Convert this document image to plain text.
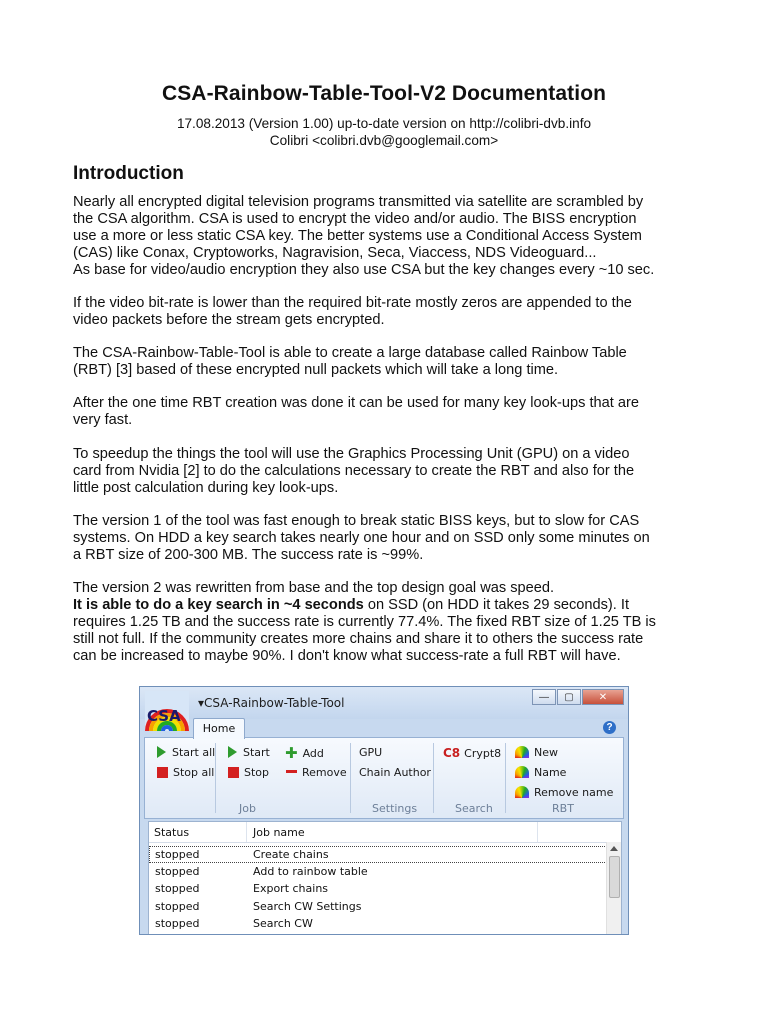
CSA-Rainbow-Table-Tool-V2 Documentation
17.08.2013 (Version 1.00) up-to-date version on http://colibri-dvb.info
Colibri <colibri.dvb@googlemail.com>
Introduction
Nearly all encrypted digital television programs transmitted via satellite are scrambled by
the CSA algorithm. CSA is used to encrypt the video and/or audio. The BISS encryption
use a more or less static CSA key. The better systems use a Conditional Access System
(CAS) like Conax, Cryptoworks, Nagravision, Seca, Viaccess, NDS Videoguard...
As base for video/audio encryption they also use CSA but the key changes every ~10 sec.
If the video bit-rate is lower than the required bit-rate mostly zeros are appended to the
video packets before the stream gets encrypted.
The CSA-Rainbow-Table-Tool is able to create a large database called Rainbow Table
(RBT) [3] based of these encrypted null packets which will take a long time.
After the one time RBT creation was done it can be used for many key look-ups that are
very fast.
To speedup the things the tool will use the Graphics Processing Unit (GPU) on a video
card from Nvidia [2] to do the calculations necessary to create the RBT and also for the
little post calculation during key look-ups.
The version 1 of the tool was fast enough to break static BISS keys, but to slow for CAS
systems. On HDD a key search takes nearly one hour and on SSD only some minutes on
a RBT size of 200-300 MB. The success rate is ~99%.
The version 2 was rewritten from base and the top design goal was speed.
It is able to do a key search in ~4 seconds on SSD (on HDD it takes 29 seconds). It
requires 1.25 TB and the success rate is currently 77.4%. The fixed RBT size of 1.25 TB is
still not full. If the community creates more chains and share it to others the success rate
can be increased to maybe 90%. I don't know what success-rate a full RBT will have.
CSA
▾CSA-Rainbow-Table-Tool	—	▢	✕
Home	?
Start all
Stop all
Start
Stop
✚ Add
Remove
Job
GPU
Chain Author
Settings
C8 Crypt8
Search
New
Name
Remove name
RBT
Status	Job name
stopped	Create chains
stopped	Add to rainbow table
stopped	Export chains
stopped	Search CW Settings
stopped	Search CW
